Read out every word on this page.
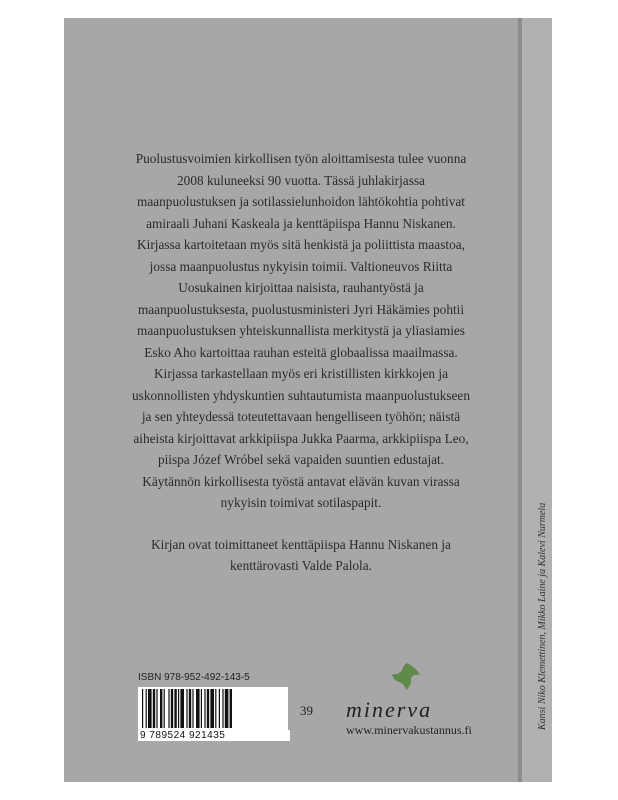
Kansi Niko Klemettinen, Mikko Laine ja Kalevi Nurmela

Puolustusvoimien kirkollisen työn aloittamisesta tulee vuonna 2008 kuluneeksi 90 vuotta. Tässä juhlakirjassa maanpuolustuksen ja sotilassielunhoidon lähtökohtia pohtivat amiraali Juhani Kaskeala ja kenttäpiispa Hannu Niskanen. Kirjassa kartoitetaan myös sitä henkistä ja poliittista maastoa, jossa maanpuolustus nykyisin toimii. Valtioneuvos Riitta Uosukainen kirjoittaa naisista, rauhantyöstä ja maanpuolustuksesta, puolustusministeri Jyri Häkämies pohtii maanpuolustuksen yhteiskunnallista merkitystä ja yliasiamies Esko Aho kartoittaa rauhan esteitä globaalissa maailmassa. Kirjassa tarkastellaan myös eri kristillisten kirkkojen ja uskonnollisten yhdyskuntien suhtautumista maanpuolustukseen ja sen yhteydessä toteutettavaan hengelliseen työhön; näistä aiheista kirjoittavat arkkipiispa Jukka Paarma, arkkipiispa Leo, piispa Józef Wróbel sekä vapaiden suuntien edustajat. Käytännön kirkollisesta työstä antavat elävän kuvan virassa nykyisin toimivat sotilaspapit.

Kirjan ovat toimittaneet kenttäpiispa Hannu Niskanen ja kenttärovasti Valde Palola.

ISBN 978-952-492-143-5
9 789524 921435
39 minerva
www.minervakustannus.fi
